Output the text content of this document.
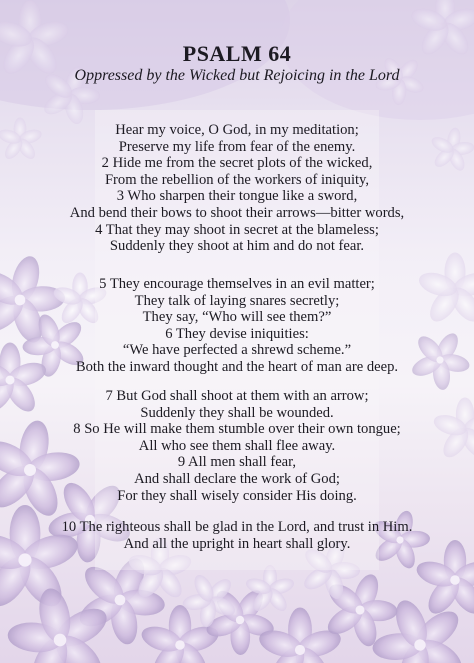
PSALM 64
Oppressed by the Wicked but Rejoicing in the Lord
Hear my voice, O God, in my meditation;
Preserve my life from fear of the enemy.
2 Hide me from the secret plots of the wicked,
From the rebellion of the workers of iniquity,
3 Who sharpen their tongue like a sword,
And bend their bows to shoot their arrows—bitter words,
4 That they may shoot in secret at the blameless;
Suddenly they shoot at him and do not fear.
5 They encourage themselves in an evil matter;
They talk of laying snares secretly;
They say, “Who will see them?”
6 They devise iniquities:
“We have perfected a shrewd scheme.”
Both the inward thought and the heart of man are deep.
7 But God shall shoot at them with an arrow;
Suddenly they shall be wounded.
8 So He will make them stumble over their own tongue;
All who see them shall flee away.
9 All men shall fear,
And shall declare the work of God;
For they shall wisely consider His doing.
10 The righteous shall be glad in the Lord, and trust in Him.
And all the upright in heart shall glory.
